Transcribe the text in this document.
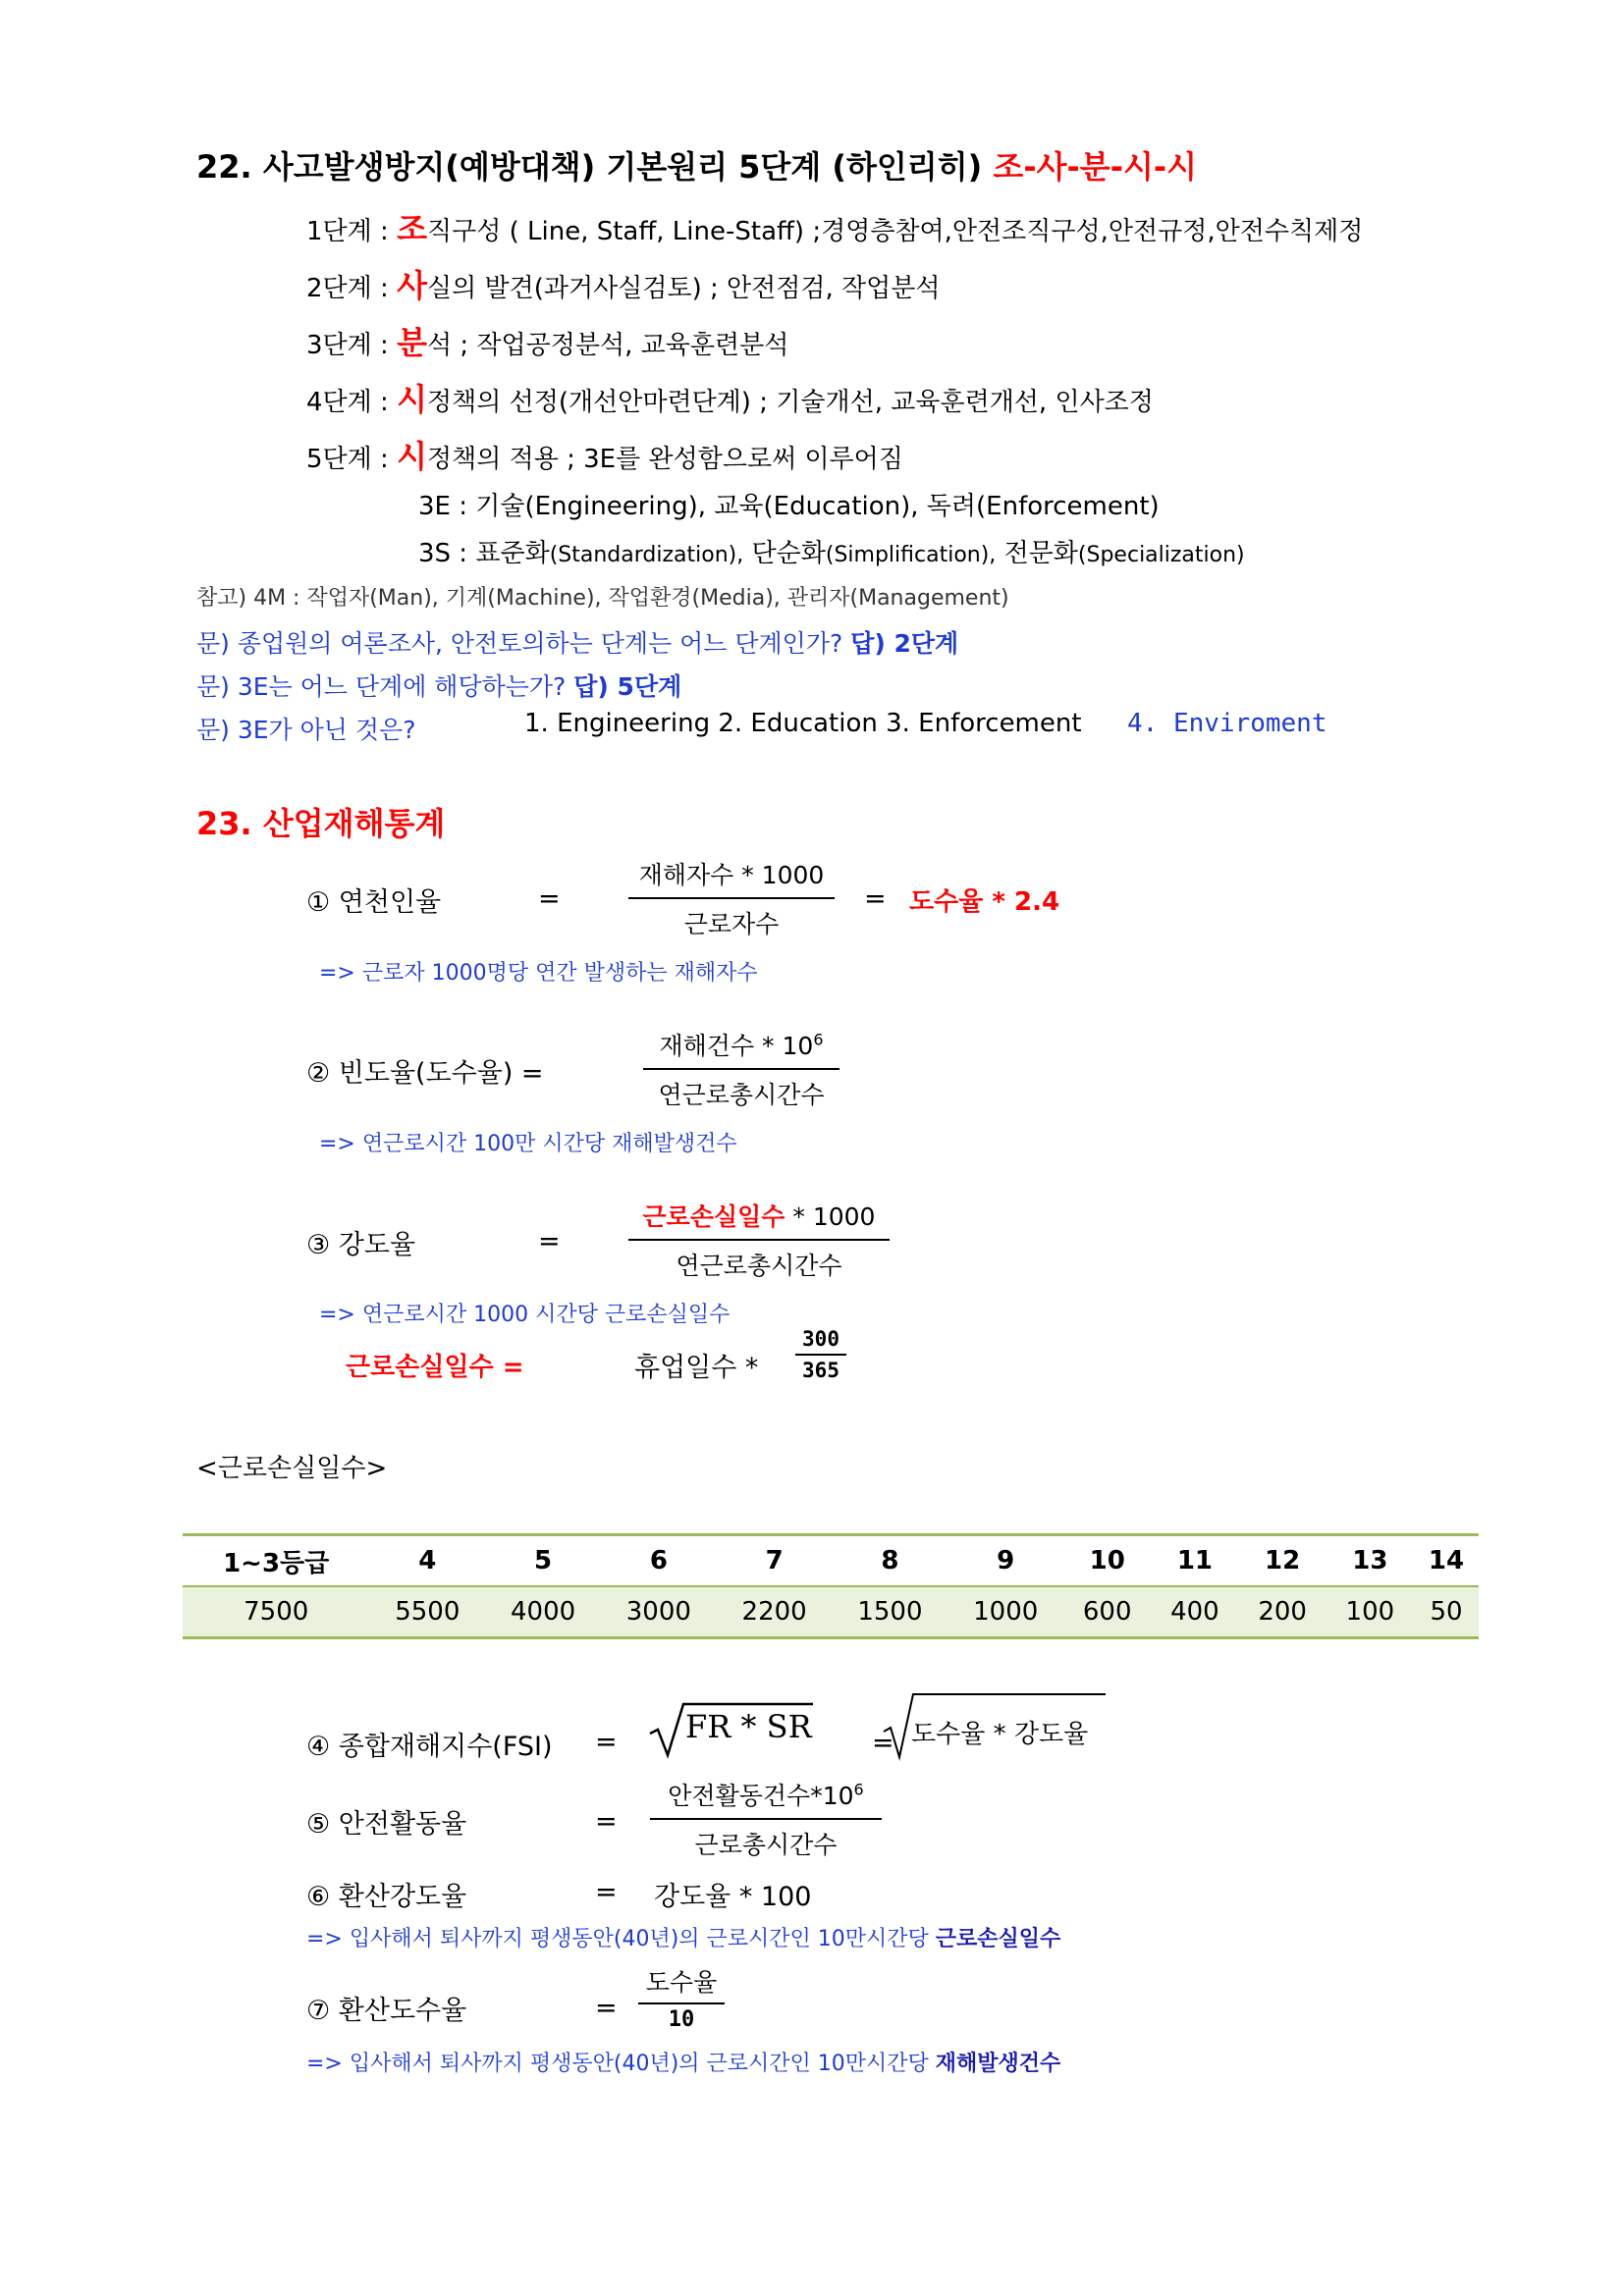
22. 사고발생방지(예방대책) 기본원리 5단계 (하인리히) 조-사-분-시-시
1단계 : 조직구성 ( Line, Staff, Line-Staff) ;경영층참여,안전조직구성,안전규정,안전수칙제정
2단계 : 사실의 발견(과거사실검토) ; 안전점검, 작업분석
3단계 : 분석 ; 작업공정분석, 교육훈련분석
4단계 : 시정책의 선정(개선안마련단계) ; 기술개선, 교육훈련개선, 인사조정
5단계 : 시정책의 적용 ; 3E를 완성함으로써 이루어짐
3E : 기술(Engineering), 교육(Education), 독려(Enforcement)
3S : 표준화(Standardization), 단순화(Simplification), 전문화(Specialization)
참고) 4M : 작업자(Man), 기계(Machine), 작업환경(Media), 관리자(Management)
문) 종업원의 여론조사, 안전토의하는 단계는 어느 단계인가? 답) 2단계
문) 3E는 어느 단계에 해당하는가? 답) 5단계
문) 3E가 아닌 것은?	1. Engineering 2. Education 3. Enforcement 4. Enviroment
23. 산업재해통계
① 연천인율	=
재해자수 * 1000
근로자수
= 도수율 * 2.4
=> 근로자 1000명당 연간 발생하는 재해자수
② 빈도율(도수율) =
재해건수 * $10^6$
연근로총시간수
=> 연근로시간 100만 시간당 재해발생건수
③ 강도율	=
근로손실일수 * 1000
연근로총시간수
=> 연근로시간 1000 시간당 근로손실일수
근로손실일수 =	휴업일수 *
300
365
<근로손실일수>
1~3등급	4	5	6	7	8	9	10	11	12	13	14
7500	5500	4000	3000	2200	1500	1000	600	400	200	100	50
④ 종합재해지수(FSI) = FR * SR = 도수율 * 강도율
⑤ 안전활동율	=
안전활동건수$*10^6$
근로총시간수
⑥ 환산강도율	= 강도율 * 100
=> 입사해서 퇴사까지 평생동안(40년)의 근로시간인 10만시간당 근로손실일수
⑦ 환산도수율	=
도수율
10
=> 입사해서 퇴사까지 평생동안(40년)의 근로시간인 10만시간당 재해발생건수
